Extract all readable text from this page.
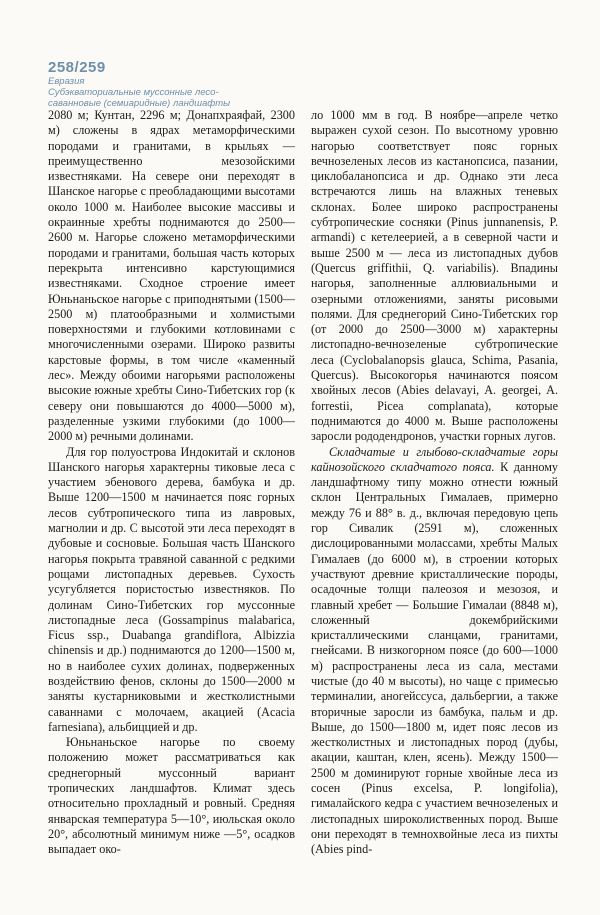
258/259
Евразия
Субэкваториальные муссонные лесо-
саванновые (семиаридные) ландшафты

2080 м; Кунтан, 2296 м; Донапхраяфай, 2300 м) сложены в ядрах метаморфическими породами и гранитами, в крыльях — преимущественно мезозойскими известняками. На севере они переходят в Шанское нагорье с преобладающими высотами около 1000 м. Наиболее высокие массивы и окраинные хребты поднимаются до 2500—2600 м. Нагорье сложено метаморфическими породами и гранитами, большая часть которых перекрыта интенсивно карстующимися известняками. Сходное строение имеет Юньнаньское нагорье с приподнятыми (1500—2500 м) платообразными и холмистыми поверхностями и глубокими котловинами с многочисленными озерами. Широко развиты карстовые формы, в том числе «каменный лес». Между обоими нагорьями расположены высокие южные хребты Сино-Тибетских гор (к северу они повышаются до 4000—5000 м), разделенные узкими глубокими (до 1000—2000 м) речными долинами.

Для гор полуострова Индокитай и склонов Шанского нагорья характерны тиковые леса с участием эбенового дерева, бамбука и др. Выше 1200—1500 м начинается пояс горных лесов субтропического типа из лавровых, магнолии и др. С высотой эти леса переходят в дубовые и сосновые. Большая часть Шанского нагорья покрыта травяной саванной с редкими рощами листопадных деревьев. Сухость усугубляется пористостью известняков. По долинам Сино-Тибетских гор муссонные листопадные леса (Gossampinus malabarica, Ficus ssp., Duabanga grandiflora, Albizzia chinensis и др.) поднимаются до 1200—1500 м, но в наиболее сухих долинах, подверженных воздействию фенов, склоны до 1500—2000 м заняты кустарниковыми и жестколистными саваннами с молочаем, акацией (Acacia farnesiana), альбиццией и др.

Юньнаньское нагорье по своему положению может рассматриваться как среднегорный муссонный вариант тропических ландшафтов. Климат здесь относительно прохладный и ровный. Средняя январская температура 5—10°, июльская около 20°, абсолютный минимум ниже —5°, осадков выпадает око-

ло 1000 мм в год. В ноябре—апреле четко выражен сухой сезон. По высотному уровню нагорью соответствует пояс горных вечнозеленых лесов из кастанопсиса, пазании, циклобаланопсиса и др. Однако эти леса встречаются лишь на влажных теневых склонах. Более широко распространены субтропические сосняки (Pinus junnanensis, P. armandi) с кетелеерией, а в северной части и выше 2500 м — леса из листопадных дубов (Quercus griffithii, Q. variabilis). Впадины нагорья, заполненные аллювиальными и озерными отложениями, заняты рисовыми полями. Для среднегорий Сино-Тибетских гор (от 2000 до 2500—3000 м) характерны листопадно-вечнозеленые субтропические леса (Cyclobalanopsis glauca, Schima, Pasania, Quercus). Высокогорья начинаются поясом хвойных лесов (Abies delavayi, A. georgei, A. forrestii, Picea complanata), которые поднимаются до 4000 м. Выше расположены заросли рододендронов, участки горных лугов.

Складчатые и глыбово-складчатые горы кайнозойского складчатого пояса. К данному ландшафтному типу можно отнести южный склон Центральных Гималаев, примерно между 76 и 88° в. д., включая передовую цепь гор Сивалик (2591 м), сложенных дислоцированными молассами, хребты Малых Гималаев (до 6000 м), в строении которых участвуют древние кристаллические породы, осадочные толщи палеозоя и мезозоя, и главный хребет — Большие Гималаи (8848 м), сложенный докембрийскими кристаллическими сланцами, гранитами, гнейсами. В низкогорном поясе (до 600—1000 м) распространены леса из сала, местами чистые (до 40 м высоты), но чаще с примесью терминалии, аногейссуса, дальбергии, а также вторичные заросли из бамбука, пальм и др. Выше, до 1500—1800 м, идет пояс лесов из жестколистных и листопадных пород (дубы, акации, каштан, клен, ясень). Между 1500—2500 м доминируют горные хвойные леса из сосен (Pinus excelsa, P. longifolia), гималайского кедра с участием вечнозеленых и листопадных широколиственных пород. Выше они переходят в темнохвойные леса из пихты (Abies pind-
